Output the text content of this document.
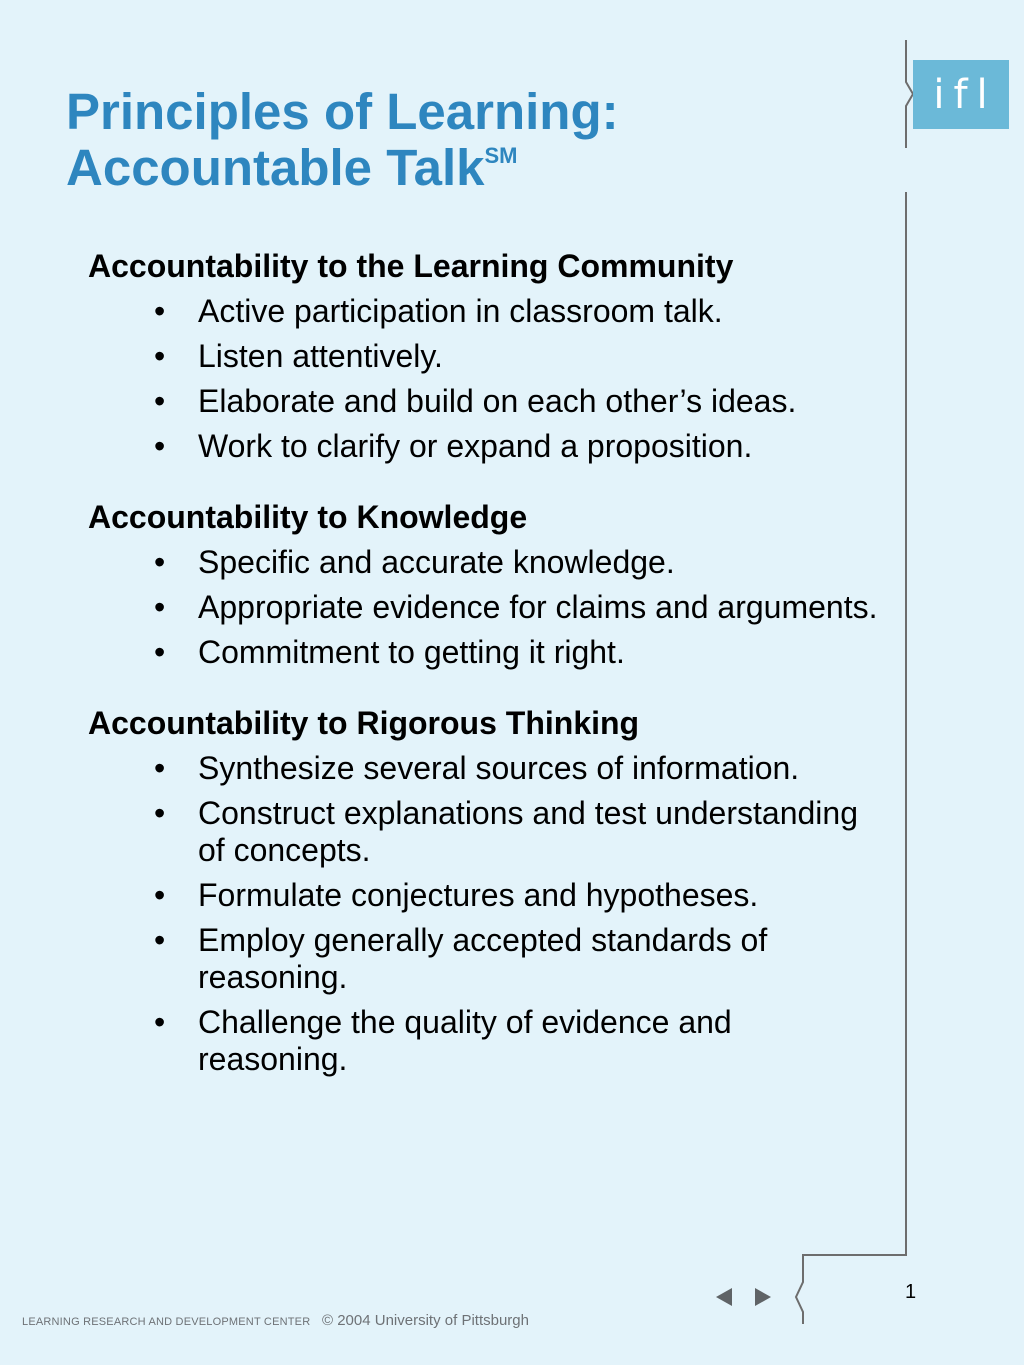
ifl
Principles of Learning:
Accountable Talk℠
Accountability to the Learning Community
• Active participation in classroom talk.
• Listen attentively.
• Elaborate and build on each other’s ideas.
• Work to clarify or expand a proposition.
Accountability to Knowledge
• Specific and accurate knowledge.
• Appropriate evidence for claims and arguments.
• Commitment to getting it right.
Accountability to Rigorous Thinking
• Synthesize several sources of information.
• Construct explanations and test understanding of concepts.
• Formulate conjectures and hypotheses.
• Employ generally accepted standards of reasoning.
• Challenge the quality of evidence and reasoning.
1
LEARNING RESEARCH AND DEVELOPMENT CENTER © 2004 University of Pittsburgh
